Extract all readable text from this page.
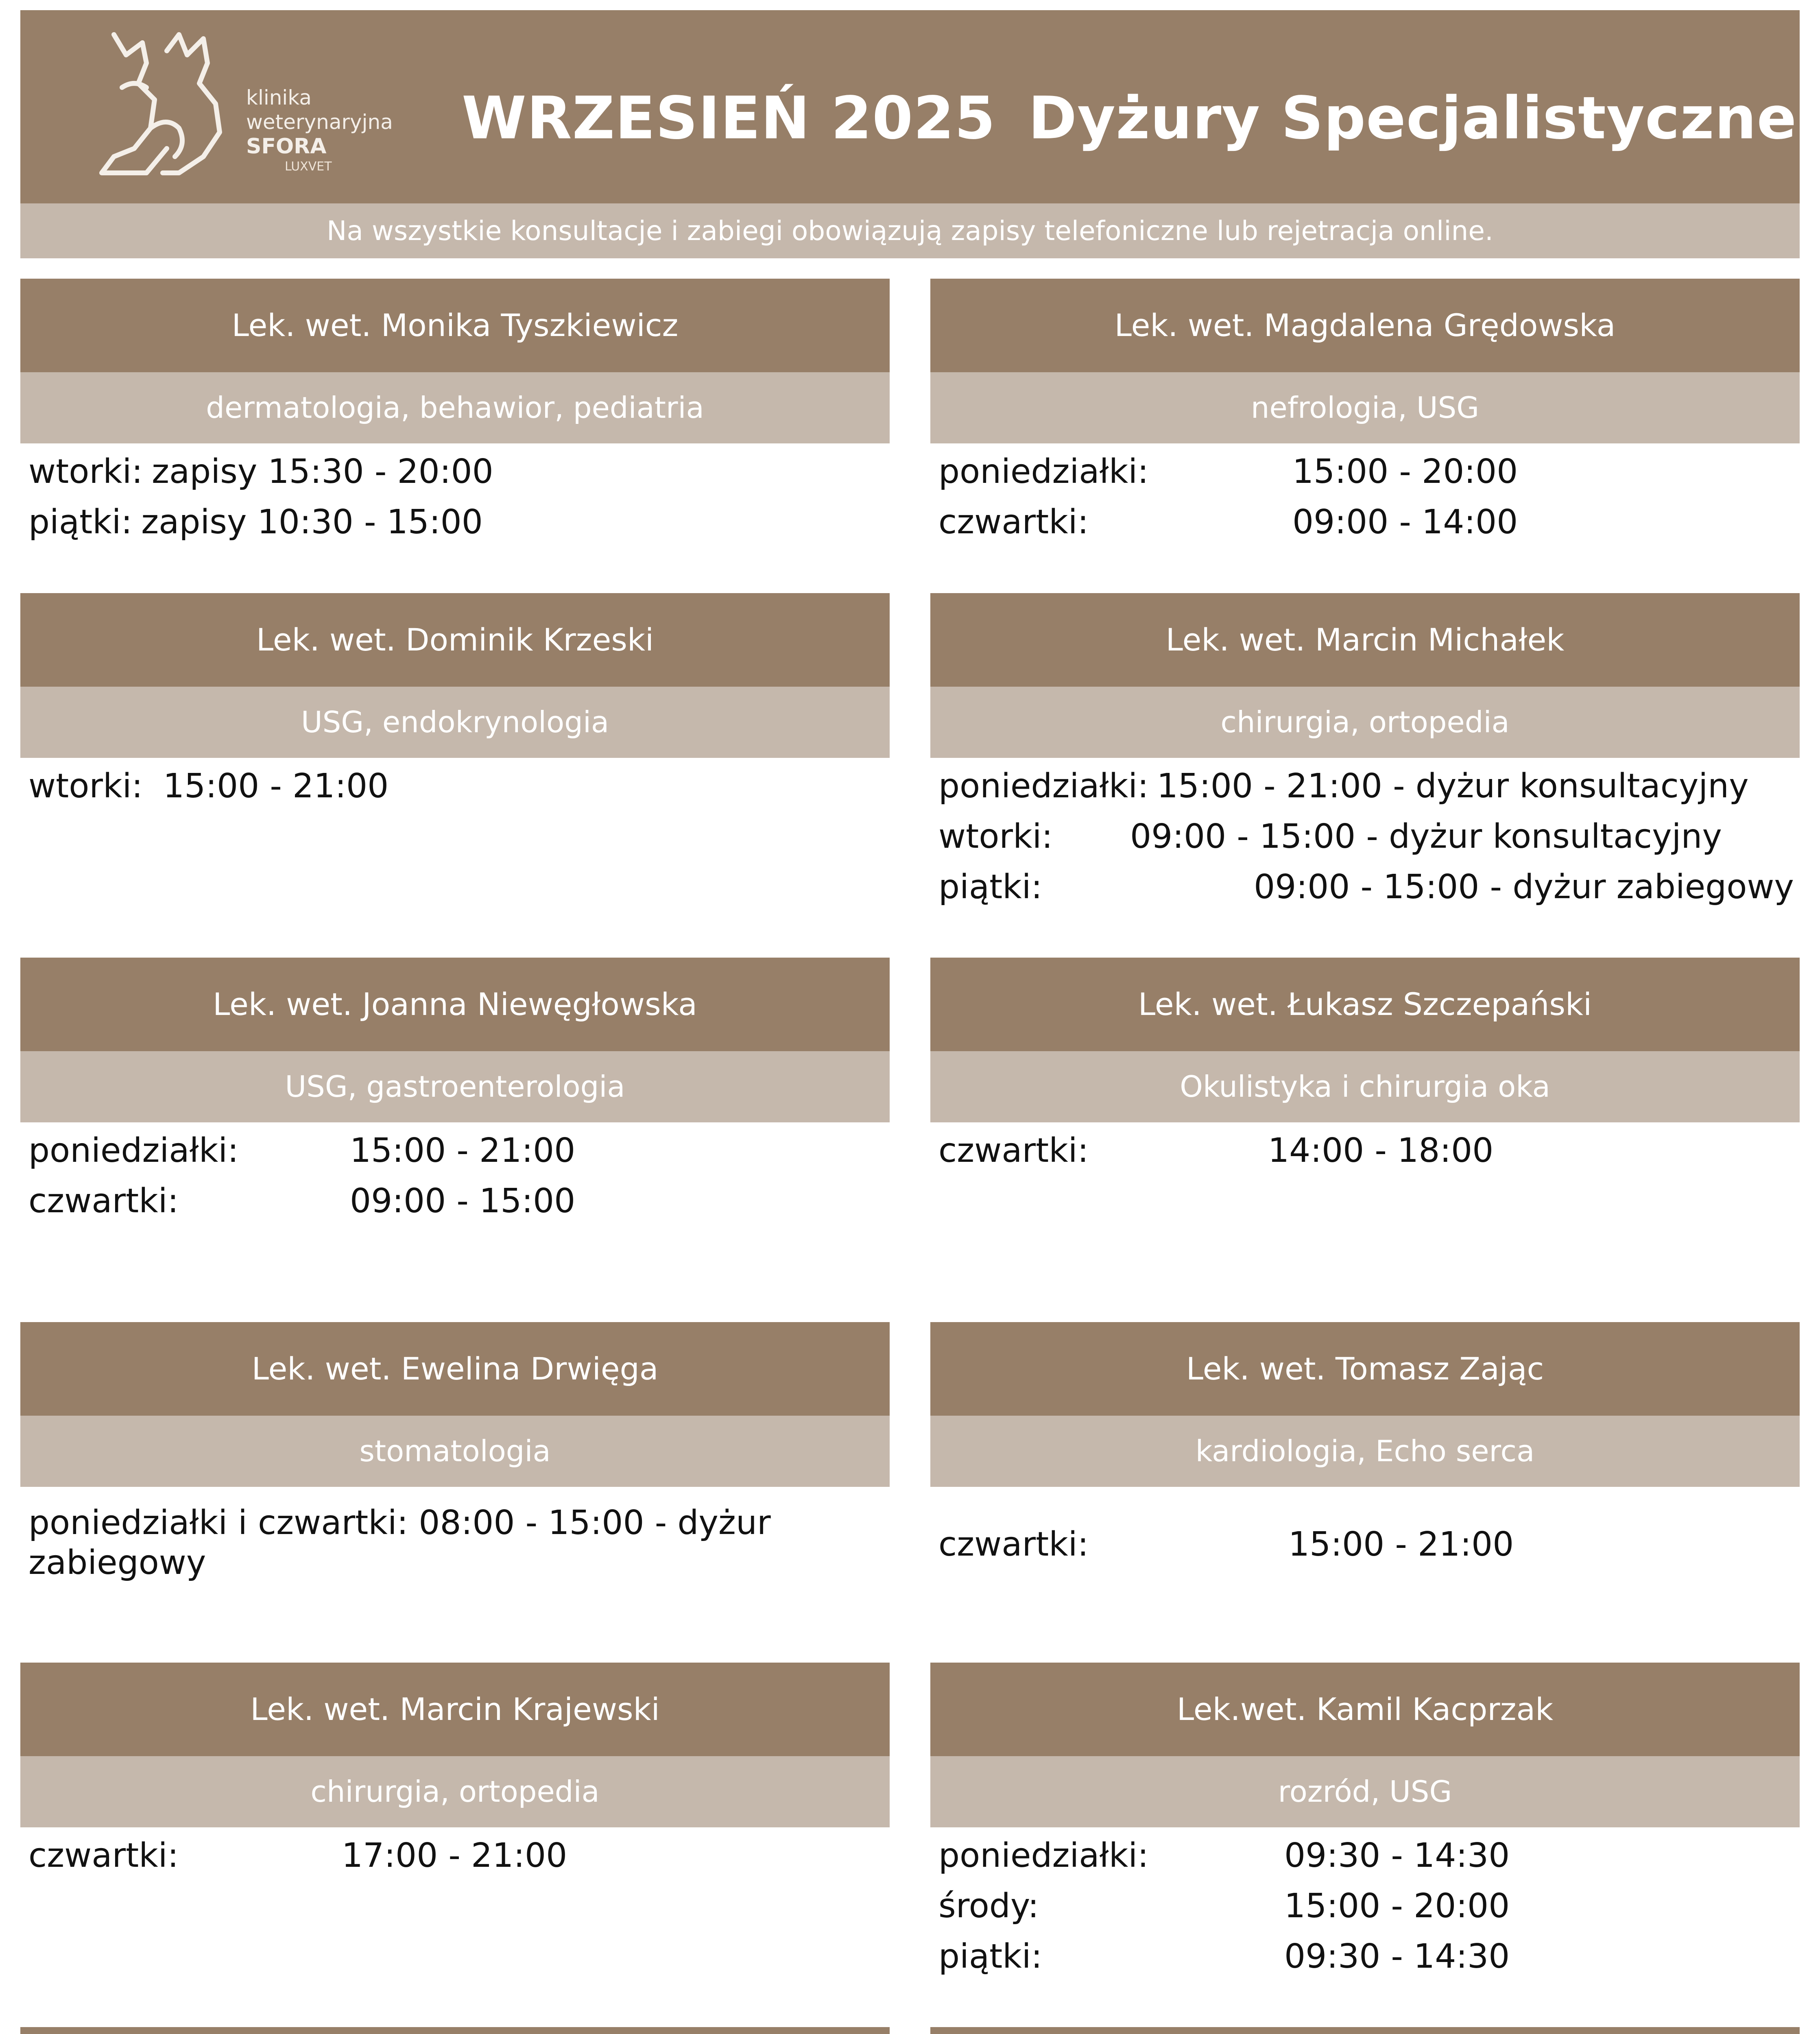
klinika
weterynaryjna
SFORA
LUXVET
WRZESIEŃ 2025 Dyżury Specjalistyczne
Na wszystkie konsultacje i zabiegi obowiązują zapisy telefoniczne lub rejetracja online.
Lek. wet. Monika Tyszkiewicz
dermatologia, behawior, pediatria
wtorki: zapisy 15:30 - 20:00
piątki: zapisy 10:30 - 15:00
Lek. wet. Magdalena Grędowska
nefrologia, USG
poniedziałki:	15:00 - 20:00
czwartki:	09:00 - 14:00
Lek. wet. Dominik Krzeski
USG, endokrynologia
wtorki: 15:00 - 21:00
Lek. wet. Marcin Michałek
chirurgia, ortopedia
poniedziałki: 15:00 - 21:00 - dyżur konsultacyjny
wtorki: 09:00 - 15:00 - dyżur konsultacyjny
piątki:	09:00 - 15:00 - dyżur zabiegowy
Lek. wet. Joanna Niewęgłowska
USG, gastroenterologia
poniedziałki:	15:00 - 21:00
czwartki:	09:00 - 15:00
Lek. wet. Łukasz Szczepański
Okulistyka i chirurgia oka
czwartki:	14:00 - 18:00
Lek. wet. Ewelina Drwięga
stomatologia
poniedziałki i czwartki: 08:00 - 15:00 - dyżur zabiegowy
Lek. wet. Tomasz Zając
kardiologia, Echo serca
czwartki:	15:00 - 21:00
Lek. wet. Marcin Krajewski
chirurgia, ortopedia
czwartki:	17:00 - 21:00
Lek.wet. Kamil Kacprzak
rozród, USG
poniedziałki:	09:30 - 14:30
środy:	15:00 - 20:00
piątki:	09:30 - 14:30
